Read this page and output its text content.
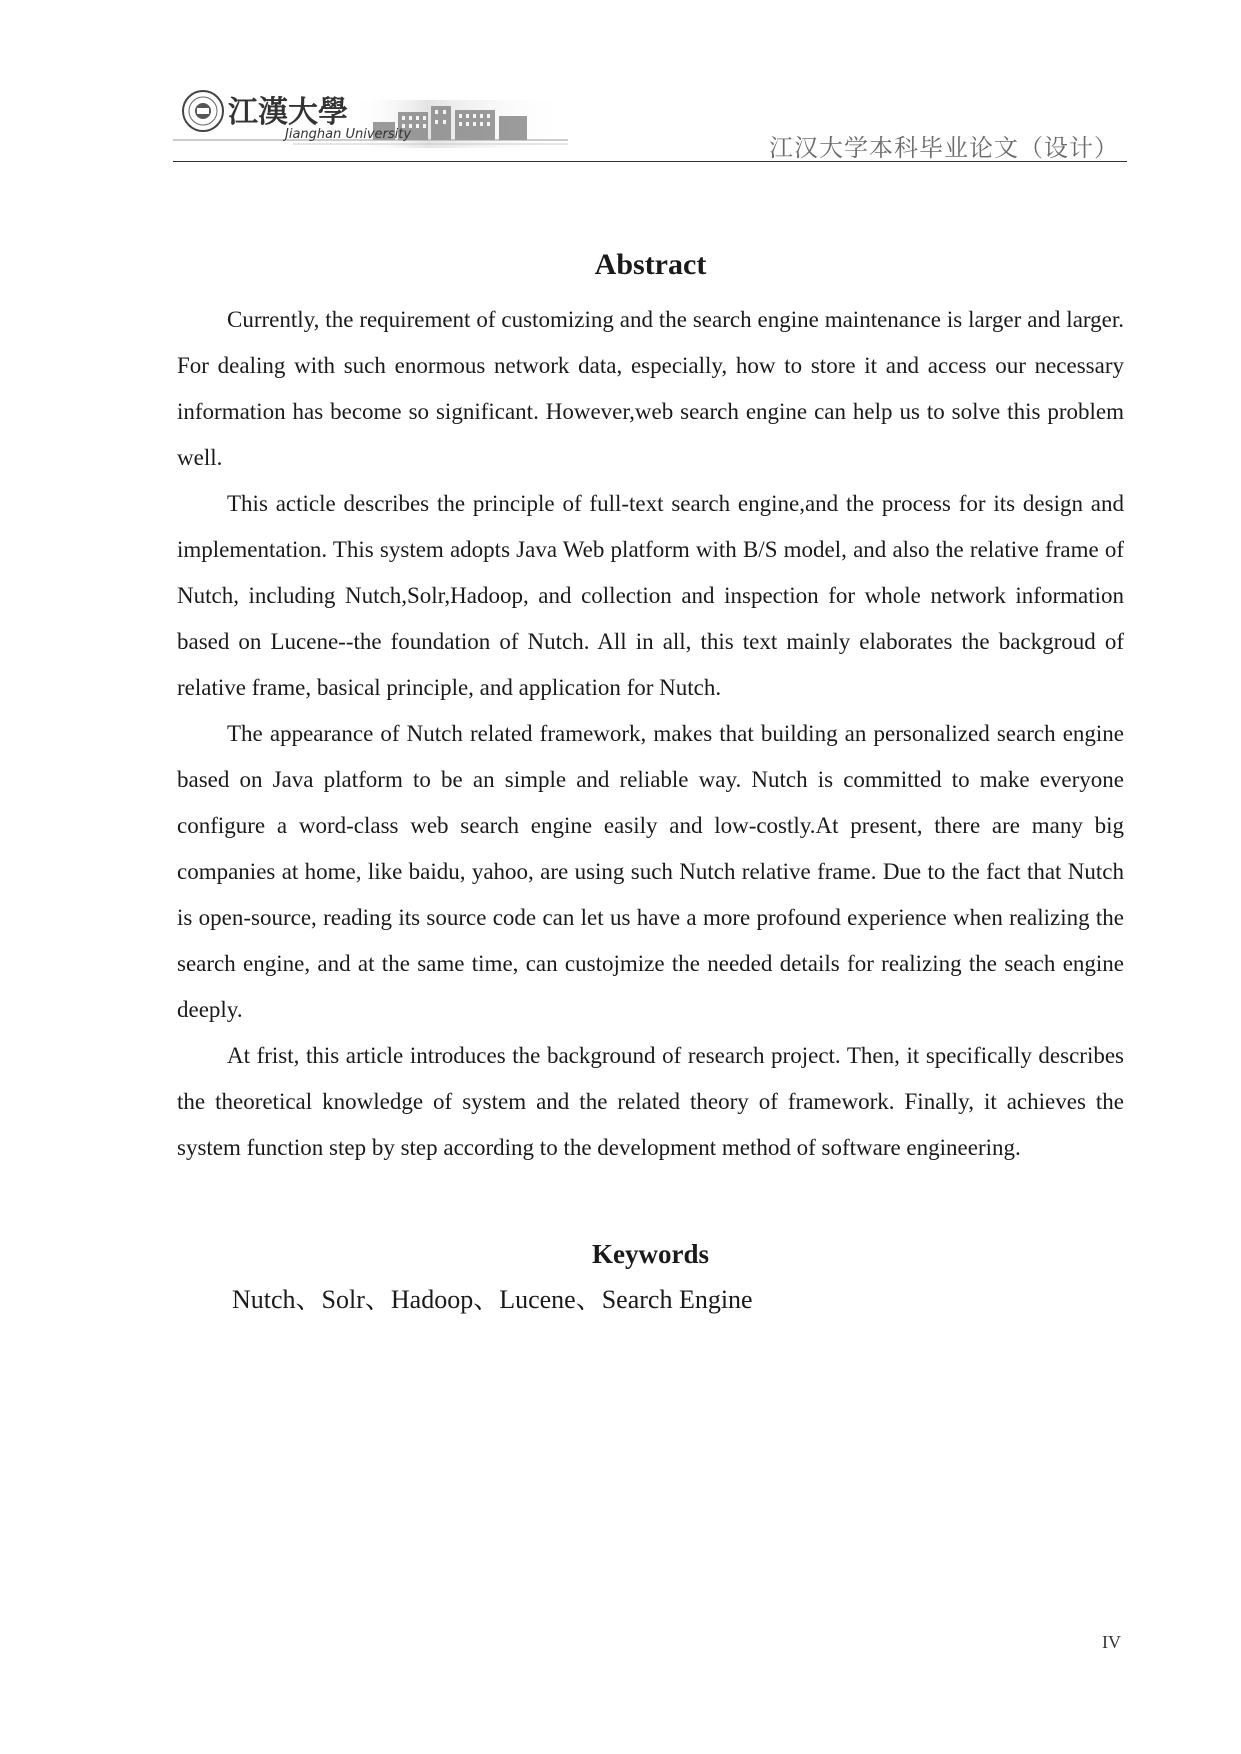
江漢大學
Jianghan University	江汉大学本科毕业论文（设计）
Abstract

Currently, the requirement of customizing and the search engine maintenance is larger and larger. For dealing with such enormous network data, especially, how to store it and access our necessary information has become so significant. However,web search engine can help us to solve this problem well.

This acticle describes the principle of full-text search engine,and the process for its design and implementation. This system adopts Java Web platform with B/S model, and also the relative frame of Nutch, including Nutch,Solr,Hadoop, and collection and inspection for whole network information based on Lucene--the foundation of Nutch. All in all, this text mainly elaborates the backgroud of relative frame, basical principle, and application for Nutch.

The appearance of Nutch related framework, makes that building an personalized search engine based on Java platform to be an simple and reliable way. Nutch is committed to make everyone configure a word-class web search engine easily and low-costly.At present, there are many big companies at home, like baidu, yahoo, are using such Nutch relative frame. Due to the fact that Nutch is open-source, reading its source code can let us have a more profound experience when realizing the search engine, and at the same time, can custojmize the needed details for realizing the seach engine deeply.

At frist, this article introduces the background of research project. Then, it specifically describes the theoretical knowledge of system and the related theory of framework. Finally, it achieves the system function step by step according to the development method of software engineering.

Keywords
Nutch、Solr、Hadoop、Lucene、Search Engine
IV
